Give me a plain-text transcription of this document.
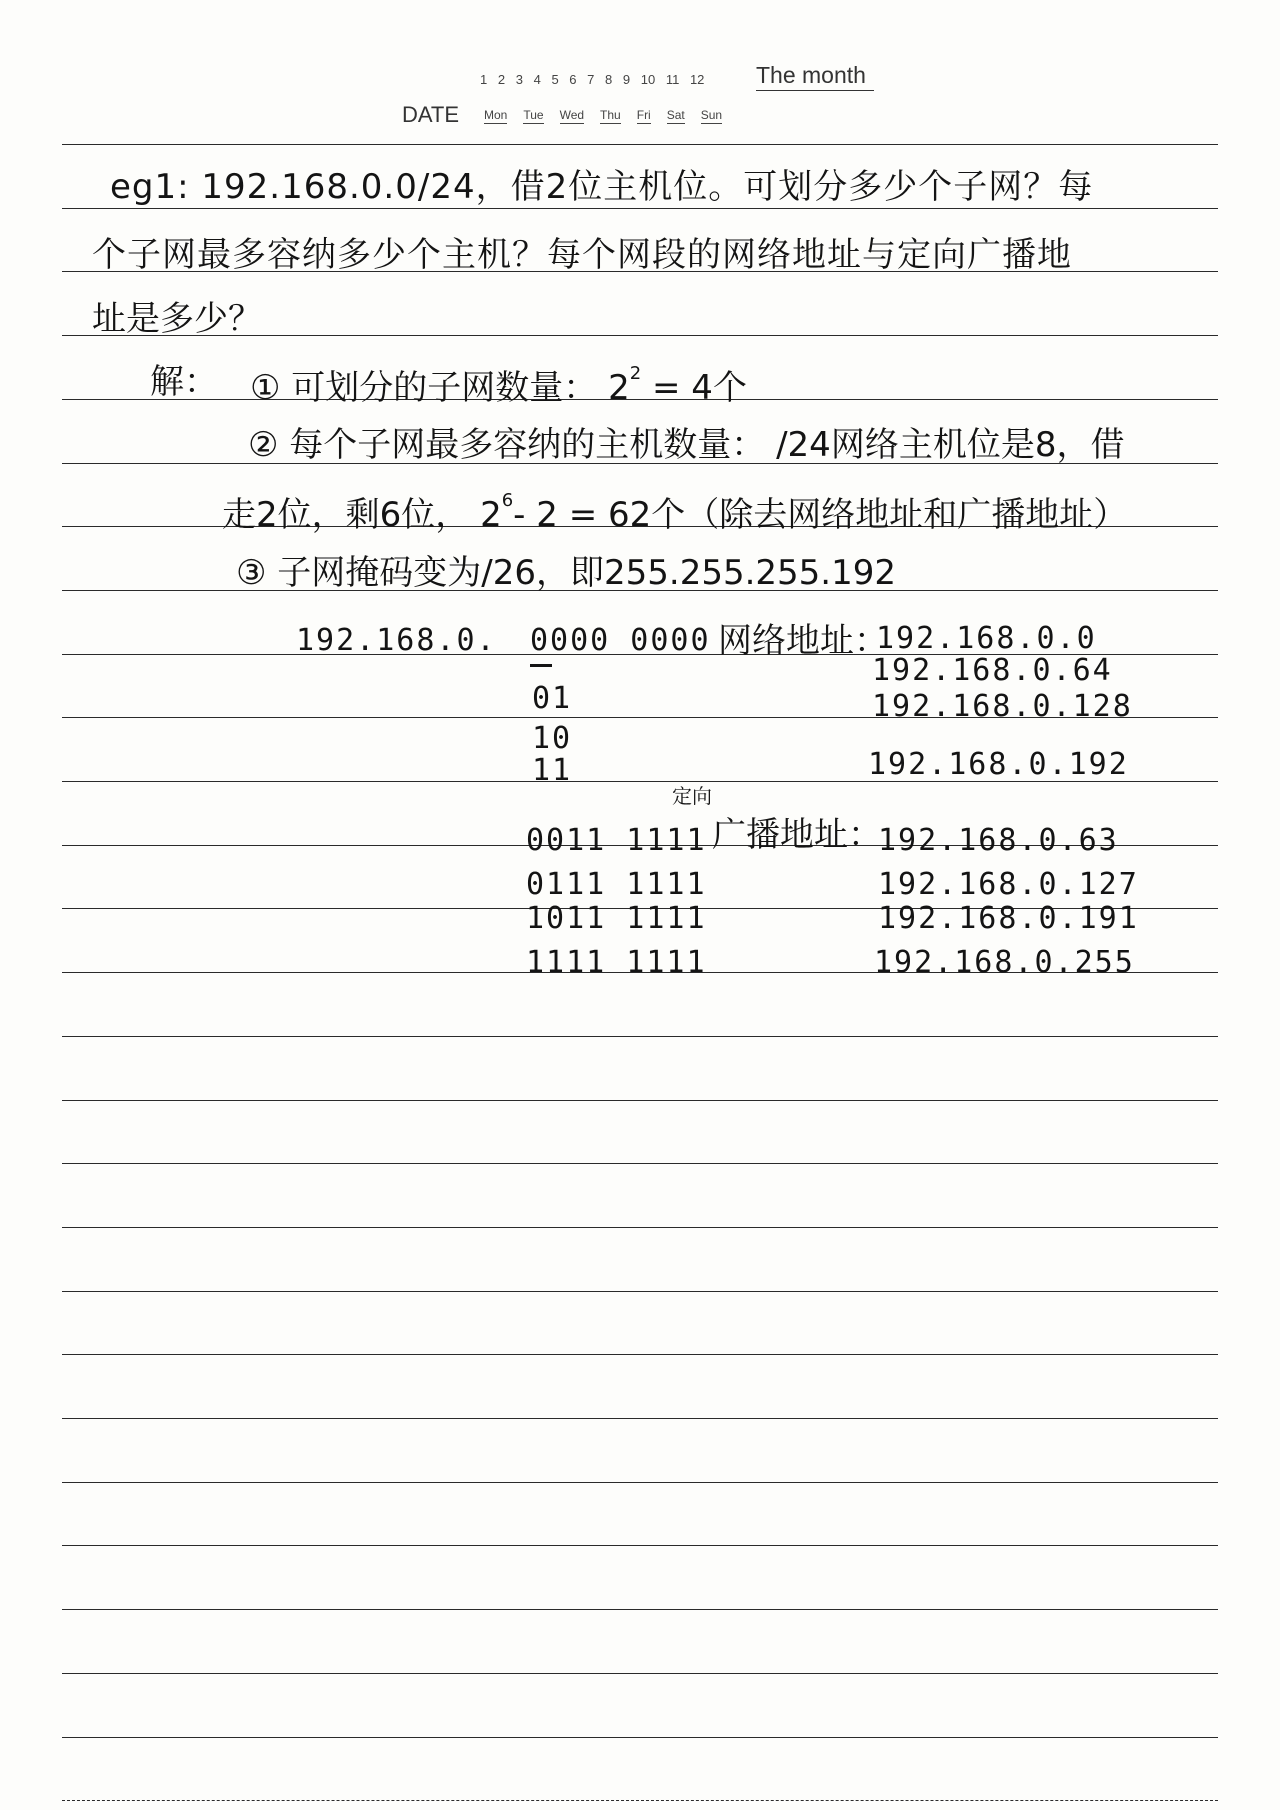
1 2 3 4 5 6 7 8 9 10 11 12	The month
DATE Mon Tue Wed Thu Fri Sat Sun
eg1: 192.168.0.0/24，借2位主机位。可划分多少个子网？每
个子网最多容纳多少个主机？每个网段的网络地址与定向广播地
址是多少？
解： ① 可划分的子网数量： $2^2 = 4$个
② 每个子网最多容纳的主机数量： /24网络主机位是8，借
走2位，剩6位， $2^6-$ 2 = 62个（除去网络地址和广播地址）
③ 子网掩码变为/26，即255.255.255.192
192.168.0. 0000 0000 网络地址：
01
10
11
192.168.0.0
192.168.0.64
192.168.0.128
192.168.0.192
定向
广播地址：
0011 1111
0111 1111
1011 1111
1111 1111
192.168.0.63
192.168.0.127
192.168.0.191
192.168.0.255
